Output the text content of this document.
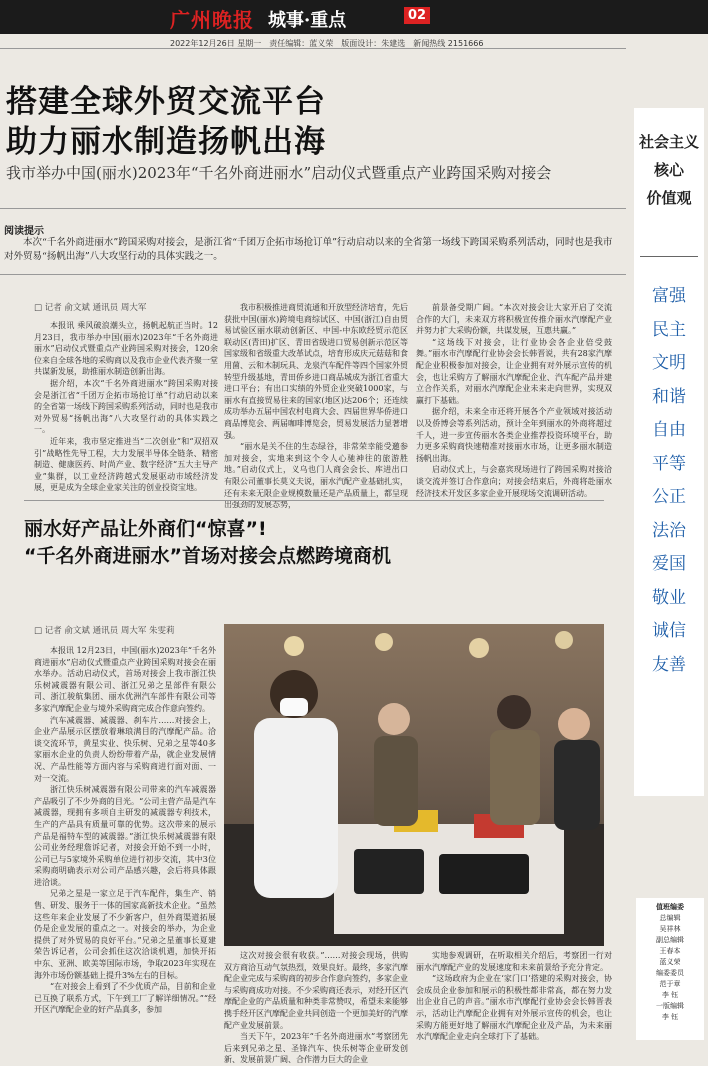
广州晚报 城事·重点	02
2022年12月26日 星期一　责任编辑：蓝义荣　版面设计：朱建选　新闻热线 2151666
搭建全球外贸交流平台
助力丽水制造扬帆出海
我市举办中国(丽水)2023年“千名外商进丽水”启动仪式暨重点产业跨国采购对接会
阅读提示
本次“千名外商进丽水”跨国采购对接会，是浙江省“千团万企拓市场抢订单”行动启动以来的全省第一场线下跨国采购系列活动，同时也是我市对外贸易“扬帆出海”八大攻坚行动的具体实践之一。
□ 记者 俞文斌 通讯员 周大军

本报讯 乘风破浪潮头立，扬帆起航正当时。12月23日，我市举办中国(丽水)2023年“千名外商进丽水”启动仪式暨重点产业跨国采购对接会，120余位来自全球各地的采购商以及我市企业代表齐聚一堂共谋新发展，助推丽水制造创新出海。

据介绍，本次“千名外商进丽水”跨国采购对接会是浙江省“千团万企拓市场抢订单”行动启动以来的全省第一场线下跨国采购系列活动，同时也是我市对外贸易“扬帆出海”八大攻坚行动的具体实践之一。

近年来，我市坚定推进当“二次创业”和“双招双引”战略性先导工程，大力发展半导体全链条、精密制造、健康医药、时尚产业、数字经济“五大主导产业”集群，以工业经济跨越式发展驱动市域经济发展，更是成为全球企业家关注的创业投资宝地。

我市积极推进商贸流通和开放型经济培育，先后获批中国(丽水)跨境电商综试区、中国(浙江)自由贸易试验区丽水联动创新区、中国-中东欧经贸示范区联动区(青田)扩区、青田省级进口贸易创新示范区等国家级和省级重大改革试点，培育形成庆元菇菇和食用菌、云和木制玩具、龙泉汽车配件等四个国家外贸转型升级基地，青田侨乡进口商品城成为浙江省重大进口平台；有出口实绩的外贸企业突破1000家，与丽水有直接贸易往来的国家(地区)达206个；还连续成功举办五届中国农村电商大会、四届世界华侨进口商品博览会、两届咖啡博览会，贸易发展活力显著增强。

“丽水是关不住的生态绿谷，非常荣幸能受邀参加对接会，实地来到这个令人心驰神往的旅游胜地。”启动仪式上，义乌也门人商会会长、库进出口有限公司董事长莫义夫说，丽水汽配产业基础扎实，还有未来无限企业规模数量还是产品质量上，都呈现出强劲的发展态势，

前景备受期广阔。“本次对接会让大家开启了交流合作的大门，未来双方将积极宣传推介丽水汽摩配产业并努力扩大采购份额，共谋发展，互惠共赢。”

“这场线下对接会，让行业协会各企业倍受鼓舞。”丽水市汽摩配行业协会会长韩晋说，共有28家汽摩配企业积极参加对接会，让企业拥有对外展示宣传的机会，也让采购方了解丽水汽摩配企业、汽车配产品并建立合作关系，对丽水汽摩配企业未来走向世界，实现双赢打下基础。

据介绍，未来全市还将开展各个产业领域对接活动以及侨博会等系列活动，预计全年到丽水的外商将超过千人，进一步宣传丽水各类企业推荐投资环境平台，助力更多采购商快速精准对接丽水市场，让更多丽水制造扬帆出海。

启动仪式上，与会嘉宾现场进行了跨国采购对接洽谈交流并签订合作意向；对接会结束后，外商将赴丽水经济技术开发区多家企业开展现场交流调研活动。

丽水好产品让外商们“惊喜”!
“千名外商进丽水”首场对接会点燃跨境商机
□ 记者 俞文斌 通讯员 周大军 朱雯莉

本报讯 12月23日，中国(丽水)2023年“千名外商进丽水”启动仪式暨重点产业跨国采购对接会在丽水举办。活动启动仪式，首场对接会上我市浙江快乐树减震器有限公司、浙江兄弟之星部件有限公司、浙江骏航集团、丽水优洲汽车部件有限公司等多家汽摩配企业与境外采购商完成合作意向签约。

汽车减震器、减震器、刹车片……对接会上，企业产品展示区摆放着琳琅满目的汽摩配产品。洽谈交流环节，黄星实业、快乐树、兄弟之星等40多家丽水企业的负责人纷纷带着产品，就企业发展情况、产品性能等方面内容与采购商进行面对面、一对一交流。

浙江快乐树减震器有限公司带来的汽车减震器产品吸引了不少外商的目光。“公司主营产品是汽车减震器，现拥有多项自主研发的减震器专利技术，生产的产品具有质量可靠的优势。这次带来的展示产品是福特车型的减震器。”浙江快乐树减震器有限公司业务经理詹诉记者，对接会开始不到一小时，公司已与5家境外采购单位进行初步交流，其中3位采购商明确表示对公司产品感兴趣，会后将具体跟进洽谈。

兄弟之星是一家立足于汽车配件，集生产、销售、研发、服务于一体的国家高新技术企业。“虽然这些年来企业发展了不少新客户，但外商渠道拓展仍是企业发展的重点之一。对接会的举办，为企业提供了对外贸易的良好平台。”兄弟之星董事长夏建荣告诉记者，公司会抓住这次洽谈机遇，加快开拓中东、亚洲、欧美等国际市场，争取2023年实现在海外市场份额基础上提升3%左右的目标。

“在对接会上看到了不少优质产品，目前和企业已互换了联系方式，下午到工厂了解详细情况。”“经开区汽摩配企业的好产品真多，参加

这次对接会很有收获。”……对接会现场，供购双方商洽互动气氛热烈，效果良好。最终，多家汽摩配企业完成与采购商的初步合作意向签约，多家企业与采购商成功对接。不少采购商还表示，对经开区汽摩配企业的产品质量和种类非常赞叹，希望未来能够携手经开区汽摩配企业共同创造一个更加美好的汽摩配产业发展前景。

当天下午，2023年“千名外商进丽水”考察团先后来到兄弟之星、圣锋汽车、快乐树等企业研发创新、发展前景广阔、合作潜力巨大的企业

实地参观调研，在听取相关介绍后，考察团一行对丽水汽摩配产业的发展速度和未来前景给予充分肯定。

“这场政府为企业在‘家门口’搭建的采购对接会，协会成员企业参加和展示的积极性都非常高，都在努力发出企业自己的声音。”丽水市汽摩配行业协会会长韩晋表示，活动让汽摩配企业拥有对外展示宣传的机会，也让采购方能更好地了解丽水汽摩配企业及产品，为未来丽水汽摩配企业走向全球打下了基础。

社会主义
核心
价值观
富强
民主
文明
和谐
自由
平等
公正
法治
爱国
敬业
诚信
友善
值班编委
总编辑
吴祥林
副总编辑
王春本
蓝义荣
编委委员
范于章
李 钰
一版编辑
李 钰
